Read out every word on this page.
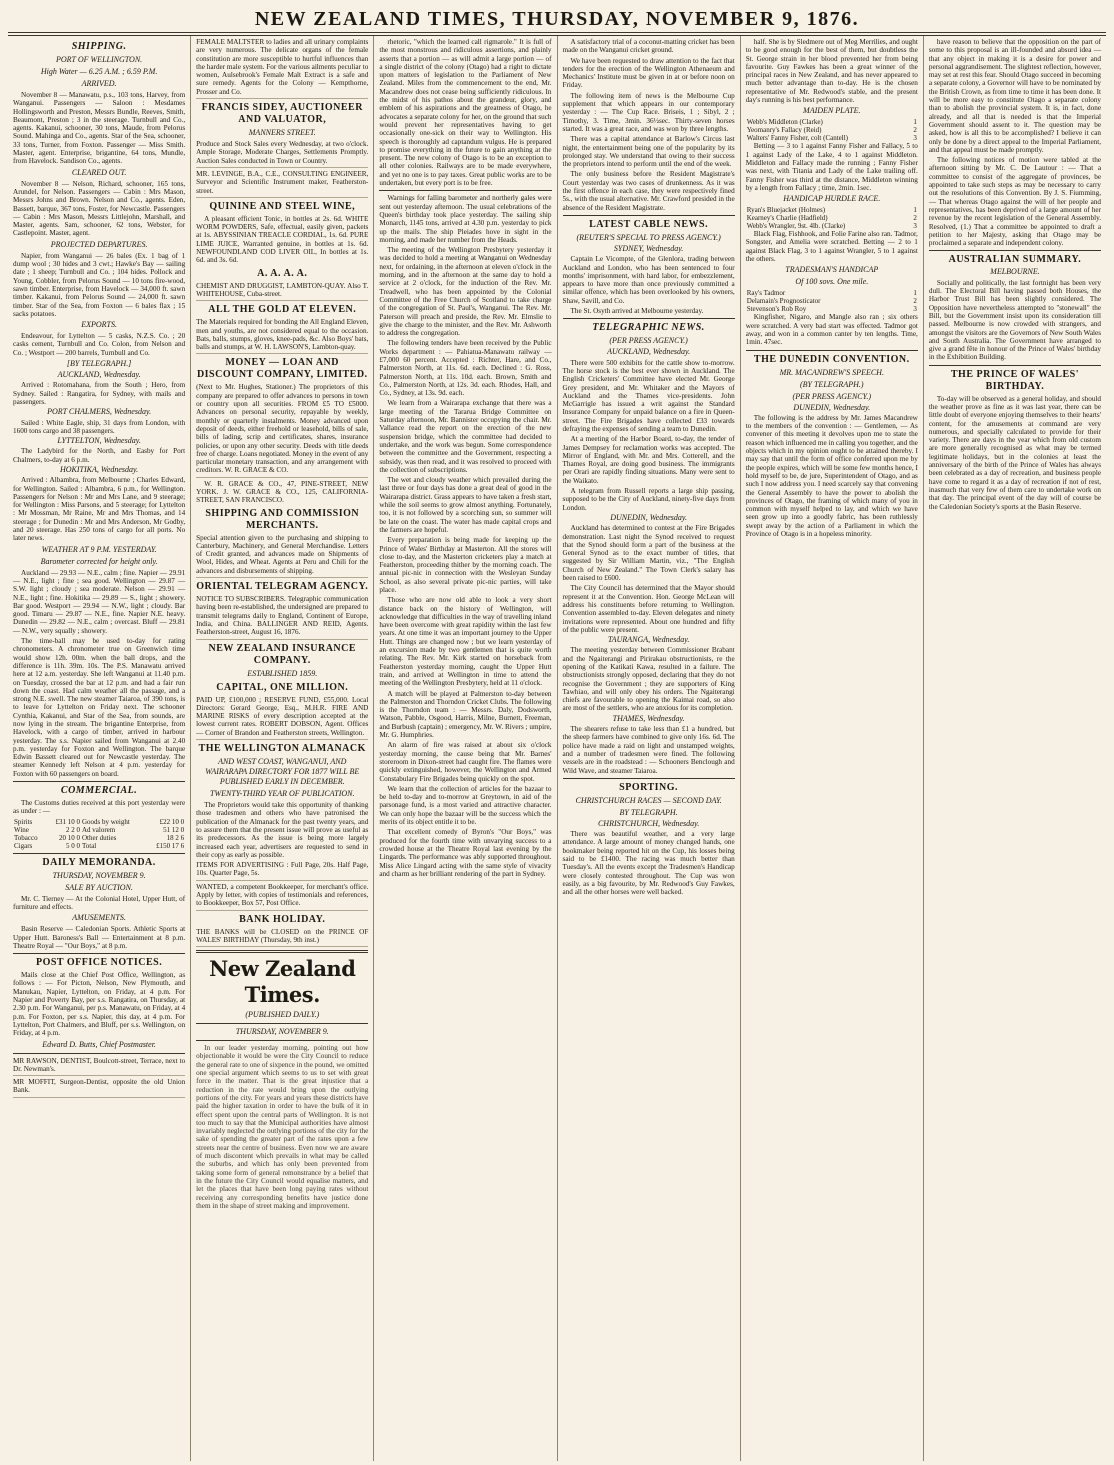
NEW ZEALAND TIMES, THURSDAY, NOVEMBER 9, 1876.
SHIPPING.
PORT OF WELLINGTON.
High Water — 6.25 A.M. ; 6.59 P.M.
ARRIVED.

November 8 — Manawatu, p.s., 103 tons, Harvey, from Wanganui. Passengers — Saloon : Mesdames Hollingsworth and Preston, Messrs Bundle, Reeves, Smith, Beaumont, Preston ; 3 in the steerage. Turnbull and Co., agents. Kakanui, schooner, 30 tons, Maude, from Pelorus Sound. Mahinga and Co., agents. Star of the Sea, schooner, 33 tons, Turner, from Foxton. Passenger — Miss Smith. Master, agent. Enterprise, brigantine, 64 tons, Mundle, from Havelock. Sandison Co., agents.

CLEARED OUT.

November 8 — Nelson, Richard, schooner, 165 tons, Arundel, for Nelson. Passengers — Cabin : Mrs Mason, Messrs Johns and Brown. Nelson and Co., agents. Eden, Bassett, barque, 367 tons, Foster, for Newcastle. Passengers — Cabin : Mrs Mason, Messrs Littlejohn, Marshall, and Master, agents. Sam, schooner, 62 tons, Webster, for Castlepoint. Master, agent.

PROJECTED DEPARTURES.

Napier, from Wanganui — 26 bales (Ex. 1 bag of 1 dump wool ; 30 hides and 3 cwt.; Hawke's Bay — sailing date ; 1 sheep; Turnbull and Co. ; 104 hides. Pollock and Young, Cobbler, from Pelorus Sound — 10 tons fire-wood, sawn timber. Enterprise, from Havelock — 34,000 ft. sawn timber. Kakanui, from Pelorus Sound — 24,000 ft. sawn timber. Star of the Sea, from Foxton — 6 bales flax ; 15 sacks potatoes.

EXPORTS.

Endeavour, for Lyttelton — 5 casks, N.Z.S. Co. ; 20 casks cement, Turnbull and Co. Colon, from Nelson and Co. ; Westport — 200 barrels, Turnbull and Co.

[BY TELEGRAPH.]
AUCKLAND, Wednesday.

Arrived : Rotomahana, from the South ; Hero, from Sydney. Sailed : Rangatira, for Sydney, with mails and passengers.

PORT CHALMERS, Wednesday.

Sailed : White Eagle, ship, 31 days from London, with 1600 tons cargo and 38 passengers.

LYTTELTON, Wednesday.

The Ladybird for the North, and Easby for Port Chalmers, to-day at 6 p.m.

HOKITIKA, Wednesday.

Arrived : Albambra, from Melbourne ; Charles Edward, for Wellington. Sailed : Albambra, 6 p.m., for Wellington. Passengers for Nelson : Mr and Mrs Lane, and 9 steerage; for Wellington : Miss Parsons, and 5 steerage; for Lyttelton : Mr Mossman, Mr Raine, Mr and Mrs Thomas, and 14 steerage ; for Dunedin : Mr and Mrs Anderson, Mr Godby, and 20 steerage. Has 250 tons of cargo for all ports. No later news.

WEATHER AT 9 P.M. YESTERDAY.
Barometer corrected for height only.

Auckland — 29.93 — N.E., calm ; fine. Napier — 29.91 — N.E., light ; fine ; sea good. Wellington — 29.87 — S.W. light ; cloudy ; sea moderate. Nelson — 29.91 — N.E., light ; fine. Hokitika — 29.89 — S., light ; showery. Bar good. Westport — 29.94 — N.W., light ; cloudy. Bar good. Timaru — 29.87 — N.E., fine. Napier N.E. heavy. Dunedin — 29.82 — N.E., calm ; overcast. Bluff — 29.81 — N.W., very squally ; showery.

The time-ball may be used to-day for rating chronometers. A chronometer true on Greenwich time would show 12h. 00m. when the ball drops, and the difference is 11h. 39m. 10s. The P.S. Manawatu arrived here at 12 a.m. yesterday. She left Wanganui at 11.40 p.m. on Tuesday, crossed the bar at 12 p.m. and had a fair run down the coast. Had calm weather all the passage, and a strong N.E. swell. The new steamer Taiaroa, of 390 tons, is to leave for Lyttelton on Friday next. The schooner Cynthia, Kakanui, and Star of the Sea, from sounds, are now lying in the stream. The brigantine Enterprise, from Havelock, with a cargo of timber, arrived in harbour yesterday. The s.s. Napier sailed from Wanganui at 2.40 p.m. yesterday for Foxton and Wellington. The barque Edwin Bassett cleared out for Newcastle yesterday. The steamer Kennedy left Nelson at 4 p.m. yesterday for Foxton with 60 passengers on board.

COMMERCIAL.

The Customs duties received at this port yesterday were as under : —

Spirits	£31 10 0	Goods by weight	£22 10 0
Wine	2 2 0	Ad valorem	51 12 0
Tobacco	20 10 0	Other duties	18 2 6
Cigars	5 0 0	Total	£150 17 6
DAILY MEMORANDA.
THURSDAY, NOVEMBER 9.
SALE BY AUCTION.

Mr. C. Tierney — At the Colonial Hotel, Upper Hutt, of furniture and effects.

AMUSEMENTS.

Basin Reserve — Caledonian Sports. Athletic Sports at Upper Hutt. Baroness's Ball — Entertainment at 8 p.m. Theatre Royal — "Our Boys," at 8 p.m.

POST OFFICE NOTICES.

Mails close at the Chief Post Office, Wellington, as follows : — For Picton, Nelson, New Plymouth, and Manukau, Napier, Lyttelton, on Friday, at 4 p.m. For Napier and Poverty Bay, per s.s. Rangatira, on Thursday, at 2.30 p.m. For Wanganui, per p.s. Manawatu, on Friday, at 4 p.m. For Foxton, per s.s. Napier, this day, at 4 p.m. For Lyttelton, Port Chalmers, and Bluff, per s.s. Wellington, on Friday, at 4 p.m.

Edward D. Butts, Chief Postmaster.

MR RAWSON, DENTIST, Boulcott-street, Terrace, next to Dr. Newman's.

MR MOFFIT, Surgeon-Dentist, opposite the old Union Bank.

FEMALE MALTSTER to ladies and all urinary complaints are very numerous. The delicate organs of the female constitution are more susceptible to hurtful influences than the harder male system. For the various ailments peculiar to women, Aulsebrook's Female Malt Extract is a safe and sure remedy. Agents for the Colony — Kempthorne, Prosser and Co.

FRANCIS SIDEY, AUCTIONEER AND VALUATOR,
MANNERS STREET.

Produce and Stock Sales every Wednesday, at two o'clock. Ample Storage, Moderate Charges, Settlements Promptly. Auction Sales conducted in Town or Country.

MR. LEVINGE, B.A., C.E., CONSULTING ENGINEER, Surveyor and Scientific Instrument maker, Featherston-street.

QUININE AND STEEL WINE,

A pleasant efficient Tonic, in bottles at 2s. 6d. WHITE WORM POWDERS, Safe, effectual, easily given, packets at 1s. ABYSSINIAN TREACLE CORDIAL, 1s. 6d. PURE LIME JUICE, Warranted genuine, in bottles at 1s. 6d. NEWFOUNDLAND COD LIVER OIL, In bottles at 1s. 6d. and 3s. 6d.

A. A. A. A.

CHEMIST AND DRUGGIST, LAMBTON-QUAY. Also T. WHITEHOUSE, Cuba-street.

ALL THE GOLD AT ELEVEN.

The Materials required for bonding the All England Eleven, men and youths, are not considered equal to the occasion. Bats, balls, stumps, gloves, knee-pads, &c. Also Boys' bats, balls and stumps, at W. H. LAWSON'S, Lambton-quay.

MONEY — LOAN AND DISCOUNT COMPANY, LIMITED.

(Next to Mr. Hughes, Stationer.) The proprietors of this company are prepared to offer advances to persons in town or country upon all securities. FROM £5 TO £5000. Advances on personal security, repayable by weekly, monthly or quarterly instalments. Money advanced upon deposit of deeds, either freehold or leasehold, bills of sale, bills of lading, scrip and certificates, shares, insurance policies, or upon any other security. Deeds with title deeds free of charge. Loans negotiated. Money in the event of any particular monetary transaction, and any arrangement with creditors. W. R. GRACE & CO.

W. R. GRACE & CO., 47, PINE-STREET, NEW YORK. J. W. GRACE & CO., 125, CALIFORNIA-STREET, SAN FRANCISCO.

SHIPPING AND COMMISSION MERCHANTS.

Special attention given to the purchasing and shipping to Canterbury, Machinery, and General Merchandise. Letters of Credit granted, and advances made on Shipments of Wool, Hides, and Wheat. Agents at Peru and Chili for the advances and disbursements of shipping.

ORIENTAL TELEGRAM AGENCY.

NOTICE TO SUBSCRIBERS. Telegraphic communication having been re-established, the undersigned are prepared to transmit telegrams daily to England, Continent of Europe, India, and China. BALLINGER AND REID, Agents. Featherston-street, August 16, 1876.

NEW ZEALAND INSURANCE COMPANY.
ESTABLISHED 1859.
CAPITAL, ONE MILLION.

PAID UP, £100,000 ; RESERVE FUND, £55,000. Local Directors: Gerard George, Esq., M.H.R. FIRE AND MARINE RISKS of every description accepted at the lowest current rates. ROBERT DOBSON, Agent. Offices — Corner of Brandon and Featherston streets, Wellington.

THE WELLINGTON ALMANACK
AND WEST COAST, WANGANUI, AND WAIRARAPA DIRECTORY FOR 1877 WILL BE PUBLISHED EARLY IN DECEMBER.
TWENTY-THIRD YEAR OF PUBLICATION.

The Proprietors would take this opportunity of thanking those tradesmen and others who have patronised the publication of the Almanack for the past twenty years, and to assure them that the present issue will prove as useful as its predecessors. As the issue is being more largely increased each year, advertisers are requested to send in their copy as early as possible.

ITEMS FOR ADVERTISING : Full Page, 20s. Half Page, 10s. Quarter Page, 5s.

WANTED, a competent Bookkeeper, for merchant's office. Apply by letter, with copies of testimonials and references, to Bookkeeper, Box 57, Post Office.

BANK HOLIDAY.

THE BANKS will be CLOSED on the PRINCE OF WALES' BIRTHDAY (Thursday, 9th inst.)

New Zealand Times.
(PUBLISHED DAILY.)
THURSDAY, NOVEMBER 9.

In our leader yesterday morning, pointing out how objectionable it would be were the City Council to reduce the general rate to one of sixpence in the pound, we omitted one special argument which seems to us to set with great force in the matter. That is the great injustice that a reduction in the rate would bring upon the outlying portions of the city. For years and years these districts have paid the higher taxation in order to have the bulk of it in effect spent upon the central parts of Wellington. It is not too much to say that the Municipal authorities have almost invariably neglected the outlying portions of the city for the sake of spending the greater part of the rates upon a few streets near the centre of business. Even now we are aware of much discontent which prevails in what may be called the suburbs, and which has only been prevented from taking some form of general remonstrance by a belief that in the future the City Council would equalise matters, and let the places that have been long paying rates without receiving any corresponding benefits have justice done them in the shape of street making and improvement.

rhetoric, "which the learned call rigmarole." It is full of the most monstrous and ridiculous assertions, and plainly asserts that a portion — as will admit a large portion — of a single district of the colony (Otago) had a right to dictate upon matters of legislation to the Parliament of New Zealand. Miles from the commencement to the end, Mr. Macandrew does not cease being sufficiently ridiculous. In the midst of his pathos about the grandeur, glory, and emblem of his aspirations and the greatness of Otago, he advocates a separate colony for her, on the ground that such would prevent her representatives having to get occasionally one-sick on their way to Wellington. His speech is thoroughly ad captandum vulgus. He is prepared to promise everything in the future to gain anything at the present. The new colony of Otago is to be an exception to all other colonies. Railways are to be made everywhere, and yet no one is to pay taxes. Great public works are to be undertaken, but every port is to be free.

Warnings for falling barometer and northerly gales were sent out yesterday afternoon. The usual celebrations of the Queen's birthday took place yesterday. The sailing ship Monarch, 1145 tons, arrived at 4.30 p.m. yesterday to pick up the mails. The ship Pleiades hove in sight in the morning, and made her number from the Heads.

The meeting of the Wellington Presbytery yesterday it was decided to hold a meeting at Wanganui on Wednesday next, for ordaining, in the afternoon at eleven o'clock in the morning, and in the afternoon at the same day to hold a service at 2 o'clock, for the induction of the Rev. Mr. Treadwell, who has been appointed by the Colonial Committee of the Free Church of Scotland to take charge of the congregation of St. Paul's, Wanganui. The Rev. Mr. Paterson will preach and preside, the Rev. Mr. Elmslie to give the charge to the minister, and the Rev. Mr. Ashworth to address the congregation.

The following tenders have been received by the Public Works department : — Pahiatua-Manawatu railway — £7,000 60 percent. Accepted : Richter, Hare, and Co., Palmerston North, at 11s. 6d. each. Declined : G. Ross, Palmerston North, at 11s. 10d. each. Brown, Smith and Co., Palmerston North, at 12s. 3d. each. Rhodes, Hall, and Co., Sydney, at 13s. 9d. each.

We learn from a Wairarapa exchange that there was a large meeting of the Tararua Bridge Committee on Saturday afternoon, Mr. Bannister occupying the chair. Mr. Vallance read the report on the erection of the new suspension bridge, which the committee had decided to undertake, and the work was begun. Some correspondence between the committee and the Government, respecting a subsidy, was then read, and it was resolved to proceed with the collection of subscriptions.

The wet and cloudy weather which prevailed during the last three or four days has done a great deal of good in the Wairarapa district. Grass appears to have taken a fresh start, while the soil seems to grow almost anything. Fortunately, too, it is not followed by a scorching sun, so summer will be late on the coast. The water has made capital crops and the farmers are hopeful.

Every preparation is being made for keeping up the Prince of Wales' Birthday at Masterton. All the stores will close to-day, and the Masterton cricketers play a match at Featherston, proceeding thither by the morning coach. The annual pic-nic in connection with the Wesleyan Sunday School, as also several private pic-nic parties, will take place.

Those who are now old able to look a very short distance back on the history of Wellington, will acknowledge that difficulties in the way of travelling inland have been overcome with great rapidity within the last few years. At one time it was an important journey to the Upper Hutt. Things are changed now ; but we learn yesterday of an excursion made by two gentlemen that is quite worth relating. The Rev. Mr. Kirk started on horseback from Featherston yesterday morning, caught the Upper Hutt train, and arrived at Wellington in time to attend the meeting of the Wellington Presbytery, held at 11 o'clock.

A match will be played at Palmerston to-day between the Palmerston and Thorndon Cricket Clubs. The following is the Thorndon team : — Messrs. Daly, Dodsworth, Watson, Pabble, Osgood, Harris, Milne, Burnett, Freeman, and Burbush (captain) ; emergency, Mr. W. Rivers ; umpire, Mr. G. Humphries.

An alarm of fire was raised at about six o'clock yesterday morning, the cause being that Mr. Barnes' storeroom in Dixon-street had caught fire. The flames were quickly extinguished, however, the Wellington and Armed Constabulary Fire Brigades being quickly on the spot.

We learn that the collection of articles for the bazaar to be held to-day and to-morrow at Greytown, in aid of the parsonage fund, is a most varied and attractive character. We can only hope the bazaar will be the success which the merits of its object entitle it to be.

That excellent comedy of Byron's "Our Boys," was produced for the fourth time with unvarying success to a crowded house at the Theatre Royal last evening by the Lingards. The performance was ably supported throughout. Miss Alice Lingard acting with the same style of vivacity and charm as her brilliant rendering of the part in Sydney.

A satisfactory trial of a coconut-matting cricket has been made on the Wanganui cricket ground.

We have been requested to draw attention to the fact that tenders for the erection of the Wellington Athenaeum and Mechanics' Institute must be given in at or before noon on Friday.

The following item of news is the Melbourne Cup supplement that which appears in our contemporary yesterday : — The Cup Race. Briseis, 1 ; Sibyl, 2 ; Timothy, 3. Time, 3min. 36½sec. Thirty-seven horses started. It was a great race, and was won by three lengths.

There was a capital attendance at Barlow's Circus last night, the entertainment being one of the popularity by its prolonged stay. We understand that owing to their success the proprietors intend to perform until the end of the week.

The only business before the Resident Magistrate's Court yesterday was two cases of drunkenness. As it was the first offence in each case, they were respectively fined 5s., with the usual alternative. Mr. Crawford presided in the absence of the Resident Magistrate.

LATEST CABLE NEWS.
(REUTER'S SPECIAL TO PRESS AGENCY.)
SYDNEY, Wednesday.

Captain Le Vicompte, of the Glenlora, trading between Auckland and London, who has been sentenced to four months' imprisonment, with hard labor, for embezzlement, appears to have more than once previously committed a similar offence, which has been overlooked by his owners, Shaw, Savill, and Co.

The St. Osyth arrived at Melbourne yesterday.

TELEGRAPHIC NEWS.
(PER PRESS AGENCY.)
AUCKLAND, Wednesday.

There were 500 exhibits for the cattle show to-morrow. The horse stock is the best ever shown in Auckland. The English Cricketers' Committee have elected Mr. George Grey president, and Mr. Whitaker and the Mayors of Auckland and the Thames vice-presidents. John McGarrigle has issued a writ against the Standard Insurance Company for unpaid balance on a fire in Queen-street. The Fire Brigades have collected £33 towards defraying the expenses of sending a team to Dunedin.

At a meeting of the Harbor Board, to-day, the tender of James Dempsey for reclamation works was accepted. The Mirror of England, with Mr. and Mrs. Cotterell, and the Thames Royal, are doing good business. The immigrants per Orari are rapidly finding situations. Many were sent to the Waikato.

A telegram from Russell reports a large ship passing, supposed to be the City of Auckland, ninety-five days from London.

DUNEDIN, Wednesday.

Auckland has determined to contest at the Fire Brigades demonstration. Last night the Synod received to request that the Synod should form a part of the business at the General Synod as to the exact number of titles, that suggested by Sir William Martin, viz., "The English Church of New Zealand." The Town Clerk's salary has been raised to £600.

The City Council has determined that the Mayor should represent it at the Convention. Hon. George McLean will address his constituents before returning to Wellington. Convention assembled to-day. Eleven delegates and ninety invitations were represented. About one hundred and fifty of the public were present.

TAURANGA, Wednesday.

The meeting yesterday between Commissioner Brabant and the Ngaiterangi and Pirirakau obstructionists, re the opening of the Katikati Kawa, resulted in a failure. The obstructionists strongly opposed, declaring that they do not recognise the Government ; they are supporters of King Tawhiao, and will only obey his orders. The Ngaiterangi chiefs are favourable to opening the Kaimai road, so also are most of the settlers, who are anxious for its completion.

THAMES, Wednesday.

The shearers refuse to take less than £1 a hundred, but the sheep farmers have combined to give only 16s. 6d. The police have made a raid on light and unstamped weights, and a number of tradesmen were fined. The following vessels are in the roadstead : — Schooners Benclough and Wild Wave, and steamer Taiaroa.

SPORTING.
CHRISTCHURCH RACES — SECOND DAY.
BY TELEGRAPH.
CHRISTCHURCH, Wednesday.

There was beautiful weather, and a very large attendance. A large amount of money changed hands, one bookmaker being reported hit on the Cup, his losses being said to be £1400. The racing was much better than Tuesday's. All the events except the Tradesmen's Handicap were closely contested throughout. The Cup was won easily, as a big favourite, by Mr. Redwood's Guy Fawkes, and all the other horses were well backed.

half. She is by Sledmere out of Meg Merrilies, and ought to be good enough for the best of them, but doubtless the St. George strain in her blood prevented her from being favourite. Guy Fawkes has been a great winner of the principal races in New Zealand, and has never appeared to much better advantage than to-day. He is the chosen representative of Mr. Redwood's stable, and the present day's running is his best performance.

MAIDEN PLATE.
Webb's Middleton (Clarke)	1
Yeomanry's Fallacy (Reid)	2
Walters' Fanny Fisher, colt (Cantell)	3

Betting — 3 to 1 against Fanny Fisher and Fallacy, 5 to 1 against Lady of the Lake, 4 to 1 against Middleton. Middleton and Fallacy made the running ; Fanny Fisher was next, with Titania and Lady of the Lake trailing off. Fanny Fisher was third at the distance, Middleton winning by a length from Fallacy ; time, 2min. 1sec.

HANDICAP HURDLE RACE.
Ryan's Bluejacket (Holmes)	1
Kearney's Charlie (Hadfield)	2
Webb's Wrangler, 9st. 4lb. (Clarke)	3

Black Flag, Fishhook, and Folie Farine also ran. Tadmor, Songster, and Amelia were scratched. Betting — 2 to 1 against Black Flag, 3 to 1 against Wrangler, 5 to 1 against the others.

TRADESMAN'S HANDICAP
Of 100 sovs. One mile.
Ray's Tadmor	1
Delamain's Prognosticator	2
Stevenson's Rob Roy	3

Kingfisher, Nigaro, and Mangle also ran ; six others were scratched. A very bad start was effected. Tadmor got away, and won in a common canter by ten lengths. Time, 1min. 47sec.

THE DUNEDIN CONVENTION.
MR. MACANDREW'S SPEECH.
(BY TELEGRAPH.)
(PER PRESS AGENCY.)
DUNEDIN, Wednesday.

The following is the address by Mr. James Macandrew to the members of the convention : — Gentlemen, — As convener of this meeting it devolves upon me to state the reason which influenced me in calling you together, and the objects which in my opinion ought to be attained thereby. I may say that until the form of office conferred upon me by the people expires, which will be some few months hence, I hold myself to be, de jure, Superintendent of Otago, and as such I now address you. I need scarcely say that convening the General Assembly to have the power to abolish the provinces of Otago, the framing of which many of you in common with myself helped to lay, and which we have seen grow up into a goodly fabric, has been ruthlessly swept away by the action of a Parliament in which the Province of Otago is in a hopeless minority.

have reason to believe that the opposition on the part of some to this proposal is an ill-founded and absurd idea — that any object in making it is a desire for power and personal aggrandisement. The slightest reflection, however, may set at rest this fear. Should Otago succeed in becoming a separate colony, a Governor will have to be nominated by the British Crown, as from time to time it has been done. It will be more easy to constitute Otago a separate colony than to abolish the provincial system. It is, in fact, done already, and all that is needed is that the Imperial Government should assent to it. The question may be asked, how is all this to be accomplished? I believe it can only be done by a direct appeal to the Imperial Parliament, and that appeal must be made promptly.

The following notices of motion were tabled at the afternoon sitting by Mr. C. De Lautour : — That a committee to consist of the aggregate of provinces, be appointed to take such steps as may be necessary to carry out the resolutions of this Convention. By J. S. Fiumming, — That whereas Otago against the will of her people and representatives, has been deprived of a large amount of her revenue by the recent legislation of the General Assembly. Resolved, (1.) That a committee be appointed to draft a petition to her Majesty, asking that Otago may be proclaimed a separate and independent colony.

AUSTRALIAN SUMMARY.
MELBOURNE.

Socially and politically, the last fortnight has been very dull. The Electoral Bill having passed both Houses, the Harbor Trust Bill has been slightly considered. The Opposition have nevertheless attempted to "stonewall" the Bill, but the Government insist upon its consideration till passed. Melbourne is now crowded with strangers, and amongst the visitors are the Governors of New South Wales and South Australia. The Government have arranged to give a grand fête in honour of the Prince of Wales' birthday in the Exhibition Building.

THE PRINCE OF WALES' BIRTHDAY.

To-day will be observed as a general holiday, and should the weather prove as fine as it was last year, there can be little doubt of everyone enjoying themselves to their hearts' content, for the amusements at command are very numerous, and specially calculated to provide for their variety. There are days in the year which from old custom are more generally recognised as what may be termed legitimate holidays, but in the colonies at least the anniversary of the birth of the Prince of Wales has always been celebrated as a day of recreation, and business people have come to regard it as a day of recreation if not of rest, inasmuch that very few of them care to undertake work on that day. The principal event of the day will of course be the Caledonian Society's sports at the Basin Reserve.
